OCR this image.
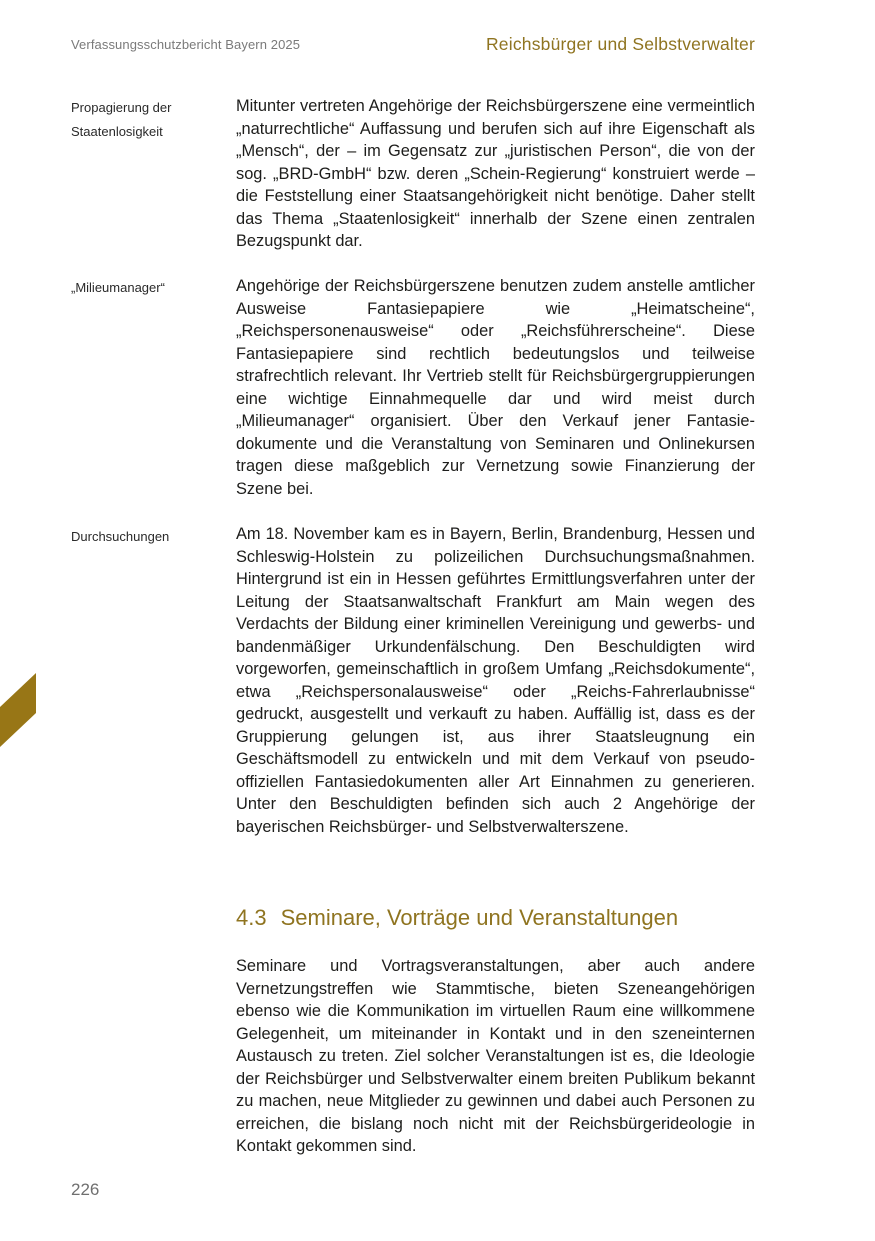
Verfassungsschutzbericht Bayern 2025	Reichsbürger und Selbstverwalter
Propagierung der Staatenlosigkeit
Mitunter vertreten Angehörige der Reichsbürgerszene eine vermeintlich „naturrechtliche“ Auffassung und berufen sich auf ihre Eigenschaft als „Mensch“, der – im Gegensatz zur „juristischen Person“, die von der sog. „BRD-GmbH“ bzw. deren „Schein-Regierung“ konstruiert werde – die Feststellung einer Staatsangehörigkeit nicht benötige. Daher stellt das Thema „Staatenlosigkeit“ innerhalb der Szene einen zentralen Bezugspunkt dar.
„Milieumanager“	Angehörige der Reichsbürgerszene benutzen zudem anstelle amtlicher Ausweise Fantasiepapiere wie „Heimatscheine“, „Reichspersonenausweise“ oder „Reichsführerscheine“. Diese Fantasiepapiere sind rechtlich bedeutungslos und teilweise strafrechtlich relevant. Ihr Vertrieb stellt für Reichsbürgergruppierungen eine wichtige Einnahmequelle dar und wird meist durch „Milieumanager“ organisiert. Über den Verkauf jener Fantasiedokumente und die Veranstaltung von Seminaren und Onlinekursen tragen diese maßgeblich zur Vernetzung sowie Finanzierung der Szene bei.
Durchsuchungen	Am 18. November kam es in Bayern, Berlin, Brandenburg, Hessen und Schleswig-Holstein zu polizeilichen Durchsuchungsmaßnahmen. Hintergrund ist ein in Hessen geführtes Ermittlungsverfahren unter der Leitung der Staatsanwaltschaft Frankfurt am Main wegen des Verdachts der Bildung einer kriminellen Vereinigung und gewerbs- und bandenmäßiger Urkundenfälschung. Den Beschuldigten wird vorgeworfen, gemeinschaftlich in großem Umfang „Reichsdokumente“, etwa „Reichspersonalausweise“ oder „Reichs-Fahrerlaubnisse“ gedruckt, ausgestellt und verkauft zu haben. Auffällig ist, dass es der Gruppierung gelungen ist, aus ihrer Staatsleugnung ein Geschäftsmodell zu entwickeln und mit dem Verkauf von pseudo-offiziellen Fantasiedokumenten aller Art Einnahmen zu generieren. Unter den Beschuldigten befinden sich auch 2 Angehörige der bayerischen Reichsbürger- und Selbstverwalterszene.
4.3 Seminare, Vorträge und Veranstaltungen
Seminare und Vortragsveranstaltungen, aber auch andere Vernetzungstreffen wie Stammtische, bieten Szeneangehörigen ebenso wie die Kommunikation im virtuellen Raum eine willkommene Gelegenheit, um miteinander in Kontakt und in den szeneinternen Austausch zu treten. Ziel solcher Veranstaltungen ist es, die Ideologie der Reichsbürger und Selbstverwalter einem breiten Publikum bekannt zu machen, neue Mitglieder zu gewinnen und dabei auch Personen zu erreichen, die bislang noch nicht mit der Reichsbürgerideologie in Kontakt gekommen sind.
226
